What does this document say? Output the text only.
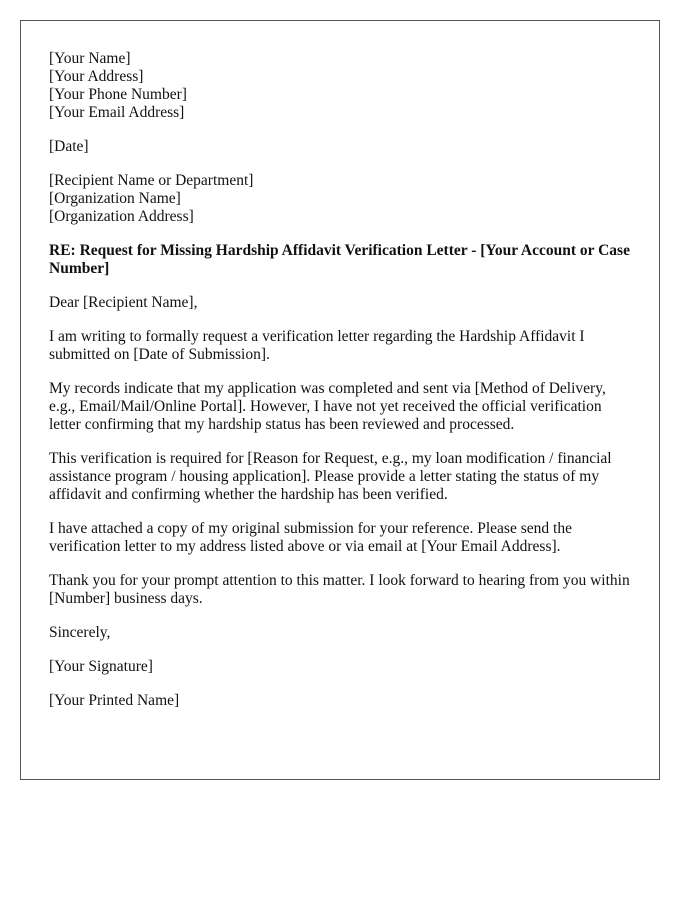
[Your Name]
[Your Address]
[Your Phone Number]
[Your Email Address]
[Date]
[Recipient Name or Department]
[Organization Name]
[Organization Address]

RE: Request for Missing Hardship Affidavit Verification Letter - [Your Account or Case Number]

Dear [Recipient Name],

I am writing to formally request a verification letter regarding the Hardship Affidavit I submitted on [Date of Submission].

My records indicate that my application was completed and sent via [Method of Delivery, e.g., Email/Mail/Online Portal]. However, I have not yet received the official verification letter confirming that my hardship status has been reviewed and processed.

This verification is required for [Reason for Request, e.g., my loan modification / financial assistance program / housing application]. Please provide a letter stating the status of my affidavit and confirming whether the hardship has been verified.

I have attached a copy of my original submission for your reference. Please send the verification letter to my address listed above or via email at [Your Email Address].

Thank you for your prompt attention to this matter. I look forward to hearing from you within [Number] business days.

Sincerely,

[Your Signature]

[Your Printed Name]
